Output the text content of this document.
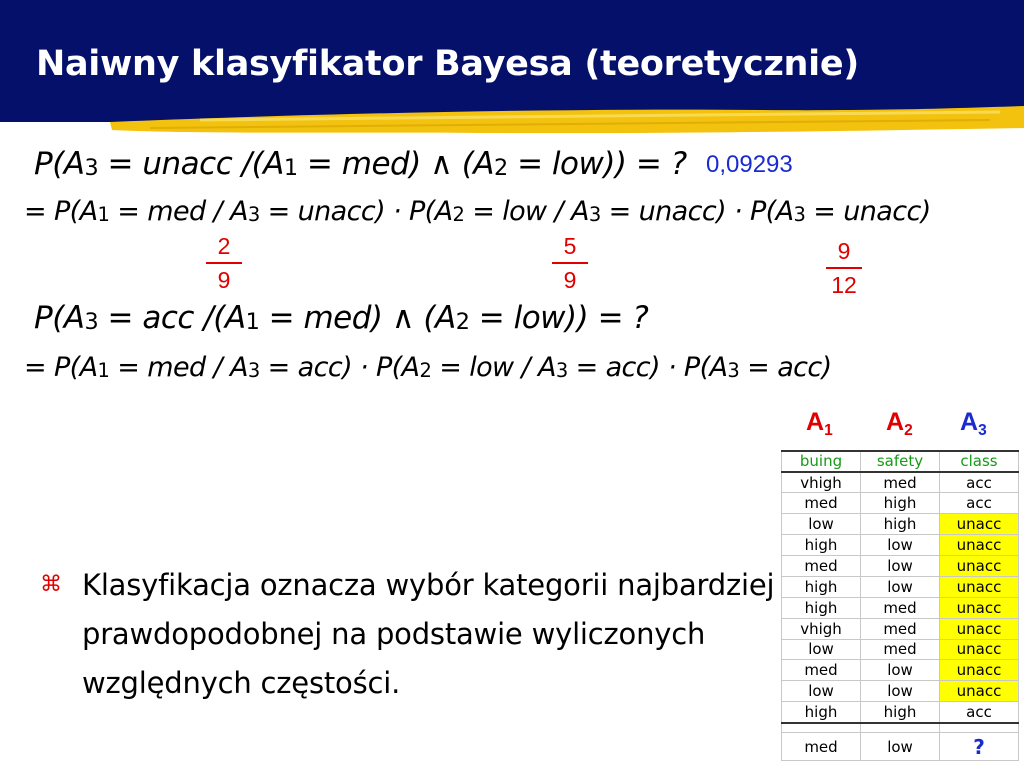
Naiwny klasyfikator Bayesa (teoretycznie)
$P(A_3$ = unacc $/(A_1 = med)$ ∧ $(A_2 = low)$) = ? 0,09293
= $P(A_1$ = med / $A_3$ = unacc) · $P(A_2$ = low / $A_3$ = unacc) · $P(A_3$ = unacc)
2
9
5
9
9
12
$P(A_3$ = acc $/(A_1 = med)$ ∧ $(A_2 = low)$) = ?
= $P(A_1$ = med / $A_3 = acc) \cdot P(A_2$ = low / $A_3 = acc) \cdot P(A_3 = acc)$
⌘ Klasyfikacja oznacza wybór kategorii najbardziej prawdopodobnej na podstawie wyliczonych względnych częstości.
$A_1$ $A_2$ $A_3$
buing	safety	class
vhigh	med	acc
med	high	acc
low	high	unacc
high	low	unacc
med	low	unacc
high	low	unacc
high	med	unacc
vhigh	med	unacc
low	med	unacc
med	low	unacc
low	low	unacc
high	high	acc

med	low	?
